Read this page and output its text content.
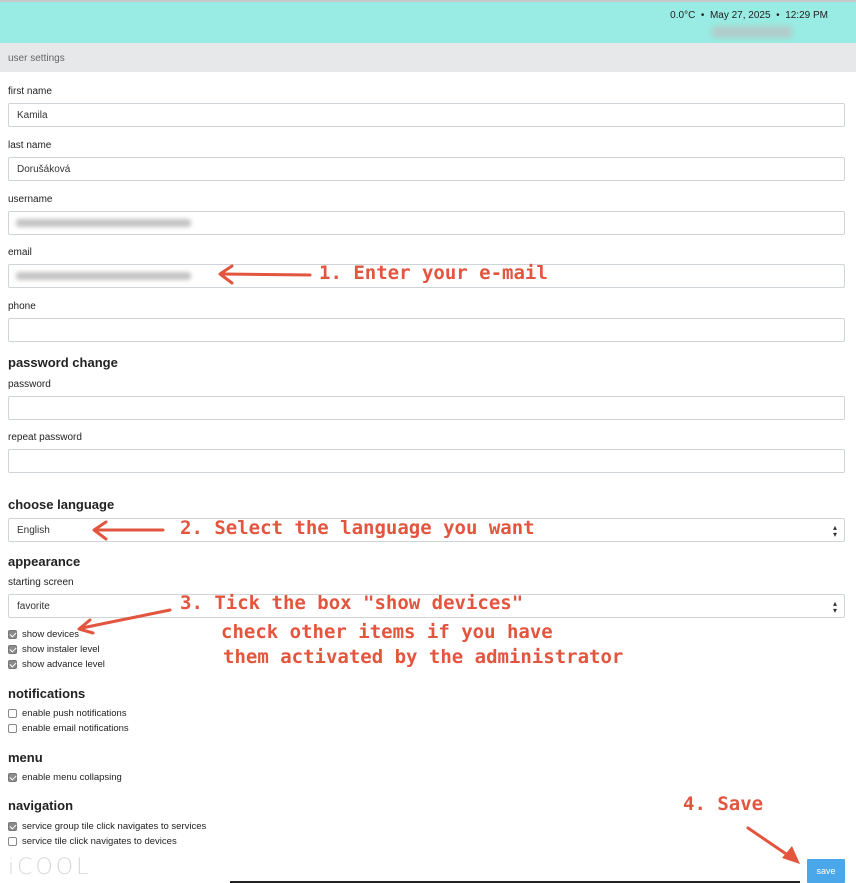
0.0°C • May 27, 2025 • 12:29 PM
user settings
first name
Kamila
last name
Dorušáková
username
email
phone
password change
password
repeat password
choose language
English	▴
▾
appearance
starting screen
favorite	▴
▾
show devices
show instaler level
show advance level
notifications
enable push notifications
enable email notifications
menu
enable menu collapsing
navigation
service group tile click navigates to services
service tile click navigates to devices
iCOOL	save
1. Enter your e-mail
2. Select the language you want
3. Tick the box "show devices"
check other items if you have
them activated by the administrator
4. Save
